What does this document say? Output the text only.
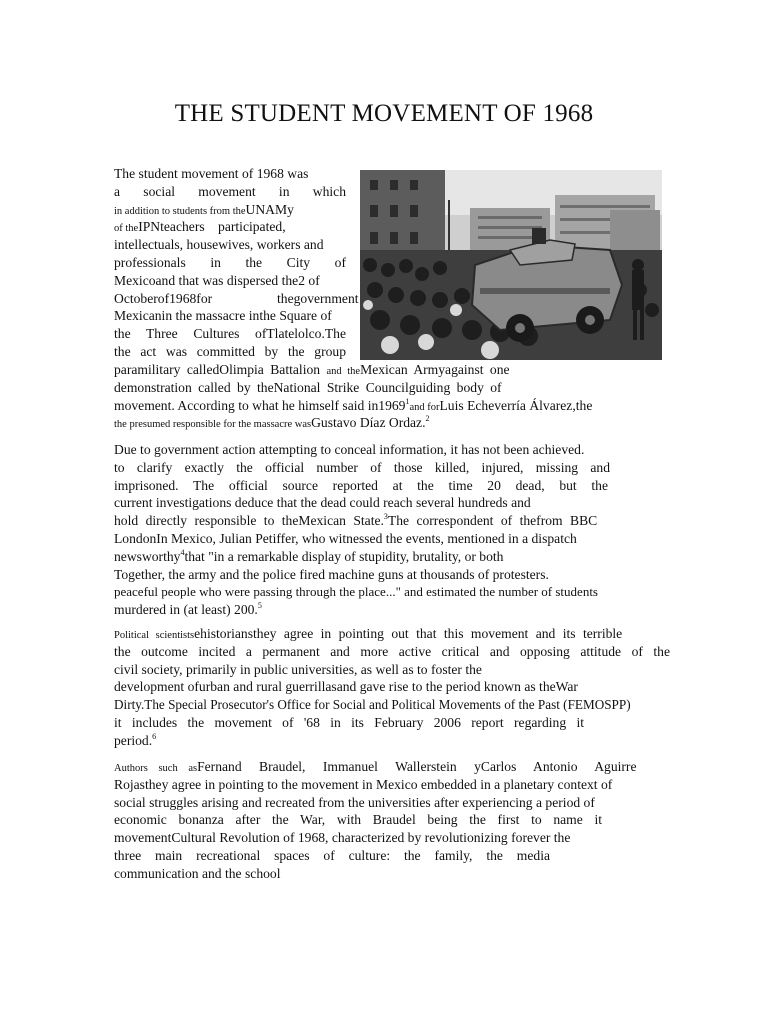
THE STUDENT MOVEMENT OF 1968
The student movement of 1968 was
a social movement in which
in addition to students from theUNAMy
of theIPNteachers participated,
intellectuals, housewives, workers and
professionals in the City of
Mexicoand that was dispersed the2 of
Octoberof1968for	thegovernment
Mexicanin the massacre inthe Square of
the Three Cultures ofTlatelolco.The
the act was committed by the group
paramilitary calledOlimpia Battalion and theMexican Armyagainst one
demonstration called by theNational Strike Councilguiding body of
movement. According to what he himself said in1969$^1$and forLuis Echeverría Álvarez,the
the presumed responsible for the massacre wasGustavo Díaz Ordaz.$^2$
Due to government action attempting to conceal information, it has not been achieved.
to clarify exactly the official number of those killed, injured, missing and
imprisoned. The official source reported at the time 20 dead, but the
current investigations deduce that the dead could reach several hundreds and
hold directly responsible to theMexican State.$^3$The correspondent of thefrom BBC
LondonIn Mexico, Julian Petiffer, who witnessed the events, mentioned in a dispatch
newsworthy$^4$that "in a remarkable display of stupidity, brutality, or both
Together, the army and the police fired machine guns at thousands of protesters.
peaceful people who were passing through the place..." and estimated the number of students
murdered in (at least) 200.$^5$
Political scientistsehistoriansthey agree in pointing out that this movement and its terrible
the outcome incited a permanent and more active critical and opposing attitude of the
civil society, primarily in public universities, as well as to foster the
development ofurban and rural guerrillasand gave rise to the period known as theWar
Dirty.The Special Prosecutor's Office for Social and Political Movements of the Past (FEMOSPP)
it includes the movement of '68 in its February 2006 report regarding it
period.$^6$
Authors such asFernand Braudel, Immanuel Wallerstein yCarlos Antonio Aguirre
Rojasthey agree in pointing to the movement in Mexico embedded in a planetary context of
social struggles arising and recreated from the universities after experiencing a period of
economic bonanza after the War, with Braudel being the first to name it
movementCultural Revolution of 1968, characterized by revolutionizing forever the
three main recreational spaces of culture: the family, the media
communication and the school
